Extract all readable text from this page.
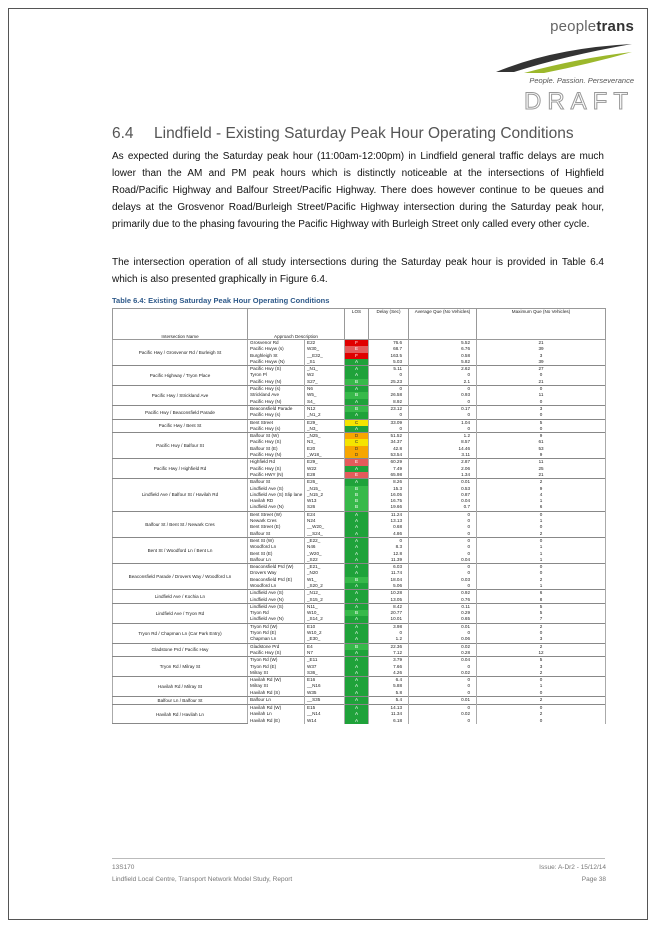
peopletrans
People. Passion. Perseverance
DRAFT
6.4 Lindfield - Existing Saturday Peak Hour Operating Conditions
As expected during the Saturday peak hour (11:00am-12:00pm) in Lindfield general traffic delays are much lower than the AM and PM peak hours which is distinctly noticeable at the intersections of Highfield Road/Pacific Highway and Balfour Street/Pacific Highway. There does however continue to be queues and delays at the Grosvenor Road/Burleigh Street/Pacific Highway intersection during the Saturday peak hour, primarily due to the phasing favouring the Pacific Highway with Burleigh Street only called every other cycle.
The intersection operation of all study intersections during the Saturday peak hour is provided in Table 6.4 which is also presented graphically in Figure 6.4.
Table 6.4: Existing Saturday Peak Hour Operating Conditions
Intersection Name	Approach Description		LOS	Delay (Sec)	Average Que (No Vehicles)	Maximum Que (No Vehicles)
Pacific Hwy / Grosvenor Rd / Burleigh St	Grosvenor Rd	E22	F	76.6	5.52	21
	Pacific Hwyw (s)	W30_	E	68.7	6.76	39
	Burghleigh St	__E32_	F	163.5	0.58	3
	Pacific Hwyw (N)	_S1	A	5.03	5.82	39
Pacific Highway / Tryon Place	Pacific Hwy (S)	_N1_	A	5.11	2.62	27
	Tyron Pl	W2	A	0	0	0
	Pacific Hwy (N)	S27_	B	25.23	2.1	21
Pacific Hwy / Strickland Ave	Pacific Hwy (s)	N6	A	0	0	0
	Strickland Ave	W5_	B	26.58	0.93	11
	Pacific Hwy (N)	S4_	A	8.92	0	0
Pacific Hwy / Beaconsfield Parade	Beaconsfield Parade	N12	B	23.12	0.17	3
	Pacific Hwy (s)	_N1_2	A	0	0	0
Pacific Hwy / Bent St	Bent Street	E29_	C	33.09	1.04	5
	Pacific Hwy (s)	_N3_	A	0	0	0
Pacific Hwy / Balfour St	Balfour St (W)	_N25_	D	51.52	1.2	9
	Pacific Hwy (S)	N3_	C	34.37	8.57	61
	Balfour St (E)	E20	D	42.8	14.46	53
	Pacific Hwy (N)	_W18_	D	53.54	3.11	9
Pacific Hwy / Highfield Rd	Highfield Rd	E29_	E	60.29	2.87	11
	Pacific Hwy (S)	W22	A	7.49	2.06	25
	Pacific HWY (N)	E28	E	65.98	1.34	21
Lindfield Ave / Balfour St / Havilah Rd	Balfour St	E26_	A	8.26	0.01	2
	Lindfield Ave (S)	_N15_	B	15.3	0.53	9
	Lindfield Ave (S) Slip lane	_N15_2	B	16.05	0.87	4
	Havilah RD	W13	B	16.75	0.04	1
	Lindfield Ave (N)	S26	B	19.66	0.7	6
Balfour St / Bent St / Newark Cres	Bent Street (W)	E24	A	11.24	0	0
	Newark Cres	N24	A	13.13	0	1
	Bent Street (E)	__W20_	A	0.68	0	0
	Balfour St	__S24_	A	4.86	0	2
Bent St / Woodford Ln / Bent Ln	Bent St (W)	_E22_	A	0	0	0
	Woodford Ln	N46	A	8.3	0	1
	Bent St (E)	_W20_	A	12.8	0	1
	Balfour Ln	_S22	A	11.39	0.04	1
Beaconsfield Parade / Drovers Way / Woodford Ln	Beaconsfield Prd (W)	_E21_	A	6.03	0	0
	Drovers Way	_N20	A	11.74	0	0
	Beaconsfield Prd (E)	W1_	B	18.04	0.03	2
	Woodford Ln	_S20_2	A	5.06	0	1
Lindfield Ave / Kochia Ln	Lindfield Ave (S)	_N12_	A	10.28	0.92	6
	Lindfield Ave (N)	_S15_2	A	13.05	0.76	8
Lindfield Ave / Tryon Rd	Lindfield Ave (S)	N11_	A	8.42	0.11	5
	Tryon Rd	W10_	B	20.77	0.29	5
	Lindfield Ave (N)	_S14_2	A	10.01	0.65	7
Tryon Rd / Chapman Ln (Car Park Entry)	Tryon Rd (W)	E10	A	3.98	0.01	2
	Tryon Rd (E)	W10_2	A	0	0	0
	Chapman Ln	_E30_	A	1.2	0.06	3
Gladstone Prd / Pacific Hwy	Gladstone Prd	E4	B	22.36	0.02	2
	Pacific Hwy (S)	N7	A	7.12	0.28	12
Tryon Rd / Milray St	Tryon Rd (W)	_E11	A	3.79	0.04	5
	Tryon Rd (E)	W37	A	7.66	0	3
	Milray St	S36_	A	4.26	0.02	2
Havilah Rd / Milray St	Havilah Rd (W)	E16	A	6.4	0	0
	Milray St	__N16	A	5.88	0	1
	Havilah Rd (S)	W35	A	5.8	0	0
Balfour Ln / Balfour St	Balfour Ln	__S35	A	5.4	0.01	2
Havilah Rd / Havilah Ln	Havilah Rd (W)	E15	A	14.13	0	0
	Havilah Ln	__N14	A	11.34	0.02	2
	Havilah Rd (E)	W14	A	6.18	0	0
13S170
Lindfield Local Centre, Transport Network Model Study, Report
Issue: A-Dr2 - 15/12/14
Page 38
